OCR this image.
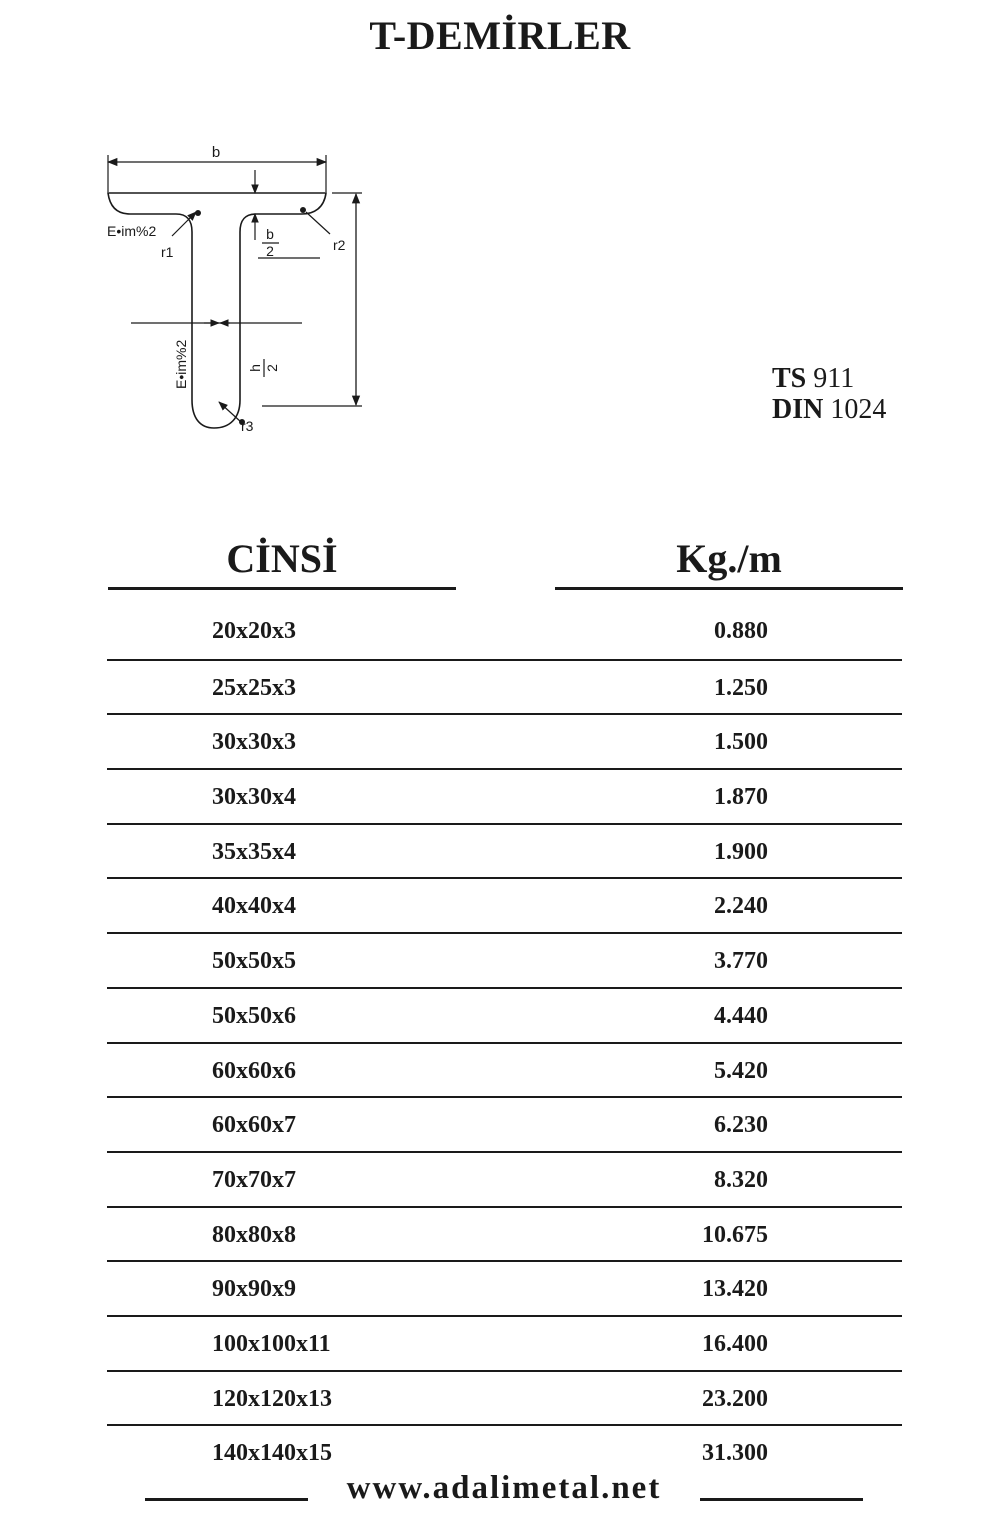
T-DEMİRLER
b
b
2
h 2
r1
E•im%2
r2
r3
E•im%2	TS 911
DIN 1024
CİNSİ	Kg./m
20x20x3	0.880
25x25x3	1.250
30x30x3	1.500
30x30x4	1.870
35x35x4	1.900
40x40x4	2.240
50x50x5	3.770
50x50x6	4.440
60x60x6	5.420
60x60x7	6.230
70x70x7	8.320
80x80x8	10.675
90x90x9	13.420
100x100x11	16.400
120x120x13	23.200
140x140x15	31.300
www.adalimetal.net
